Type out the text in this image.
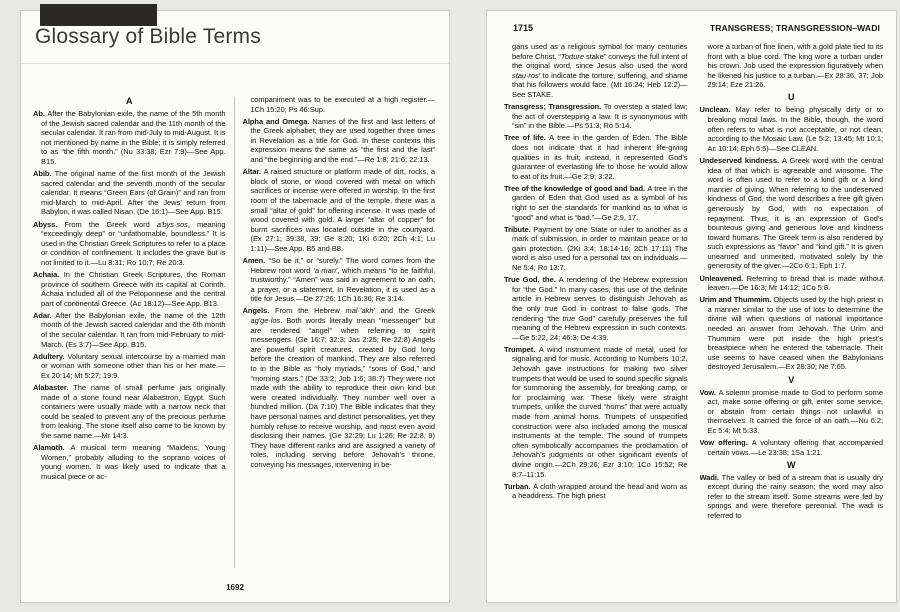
Glossary of Bible Terms
A

Ab. After the Babylonian exile, the name of the 5th month of the Jewish sacred calendar and the 11th month of the secular calendar. It ran from mid-July to mid-August. It is not mentioned by name in the Bible; it is simply referred to as “the fifth month.” (Nu 33:38; Ezr 7:9)—See App. B15.

Abib. The original name of the first month of the Jewish sacred calendar and the seventh month of the secular calendar. It means “Green Ears (of Grain)” and ran from mid-March to mid-April. After the Jews’ return from Babylon, it was called Nisan. (De 16:1)—See App. B15.

Abyss. From the Greek word a′bys·sos, meaning “exceedingly deep” or “unfathomable, boundless.” It is used in the Christian Greek Scriptures to refer to a place or condition of confinement. It includes the grave but is not limited to it.—Lu 8:31; Ro 10:7; Re 20:3.

Achaia. In the Christian Greek Scriptures, the Roman province of southern Greece with its capital at Corinth. Achaia included all of the Peloponnese and the central part of continental Greece. (Ac 18:12)—See App. B13.

Adar. After the Babylonian exile, the name of the 12th month of the Jewish sacred calendar and the 6th month of the secular calendar. It ran from mid-February to mid-March. (Es 3:7)—See App. B15.

Adultery. Voluntary sexual intercourse by a married man or woman with someone other than his or her mate.—Ex 20:14; Mt 5:27; 19:9.

Alabaster. The name of small perfume jars originally made of a stone found near Alabastron, Egypt. Such containers were usually made with a narrow neck that could be sealed to prevent any of the precious perfume from leaking. The stone itself also came to be known by the same name.—Mr 14:3.

Alamoth. A musical term meaning “Maidens; Young Women,” probably alluding to the soprano voices of young women. It was likely used to indicate that a musical piece or ac-

companiment was to be executed at a high register.—1Ch 15:20; Ps 46:Sup.

Alpha and Omega. Names of the first and last letters of the Greek alphabet; they are used together three times in Revelation as a title for God. In these contexts this expression means the same as “the first and the last” and “the beginning and the end.”—Re 1:8; 21:6; 22:13.

Altar. A raised structure or platform made of dirt, rocks, a block of stone, or wood covered with metal on which sacrifices or incense were offered in worship. In the first room of the tabernacle and of the temple, there was a small “altar of gold” for offering incense. It was made of wood covered with gold. A larger “altar of copper” for burnt sacrifices was located outside in the courtyard. (Ex 27:1; 39:38, 39; Ge 8:20; 1Ki 6:20; 2Ch 4:1; Lu 1:11)—See App. B5 and B8.

Amen. “So be it,” or “surely.” The word comes from the Hebrew root word ’a·man′, which means “to be faithful, trustworthy.” “Amen” was said in agreement to an oath, a prayer, or a statement. In Revelation, it is used as a title for Jesus.—De 27:26; 1Ch 16:36; Re 3:14.

Angels. From the Hebrew mal·’akh′ and the Greek ag′ge·los. Both words literally mean “messenger” but are rendered “angel” when referring to spirit messengers. (Ge 16:7; 32:3; Jas 2:25; Re 22:8) Angels are powerful spirit creatures, created by God long before the creation of mankind. They are also referred to in the Bible as “holy myriads,” “sons of God,” and “morning stars.” (De 33:2; Job 1:6; 38:7) They were not made with the ability to reproduce their own kind but were created individually. They number well over a hundred million. (Da 7:10) The Bible indicates that they have personal names and distinct personalities, yet they humbly refuse to receive worship, and most even avoid disclosing their names. (Ge 32:29; Lu 1:26; Re 22:8, 9) They have different ranks and are assigned a variety of roles, including serving before Jehovah’s throne, conveying his messages, intervening in be-

1692
1715	TRANSGRESS; TRANSGRESSION–WADI

gans used as a religious symbol for many centuries before Christ. “Torture stake” conveys the full intent of the original word, since Jesus also used the word stau·ros′ to indicate the torture, suffering, and shame that his followers would face. (Mt 16:24; Heb 12:2)—See STAKE.

Transgress; Transgression. To overstep a stated law; the act of overstepping a law. It is synonymous with “sin” in the Bible.—Ps 51:3; Ro 5:14.

Tree of life. A tree in the garden of Eden. The Bible does not indicate that it had inherent life-giving qualities in its fruit; instead, it represented God’s guarantee of everlasting life to those he would allow to eat of its fruit.—Ge 2:9; 3:22.

Tree of the knowledge of good and bad. A tree in the garden of Eden that God used as a symbol of his right to set the standards for mankind as to what is “good” and what is “bad.”—Ge 2:9, 17.

Tribute. Payment by one State or ruler to another as a mark of submission, in order to maintain peace or to gain protection. (2Ki 3:4; 18:14-16; 2Ch 17:11) The word is also used for a personal tax on individuals.—Ne 5:4; Ro 13:7.

True God, the. A rendering of the Hebrew expression for “the God.” In many cases, this use of the definite article in Hebrew serves to distinguish Jehovah as the only true God in contrast to false gods. The rendering “the true God” carefully preserves the full meaning of the Hebrew expression in such contexts.—Ge 5:22, 24; 46:3; De 4:39.

Trumpet. A wind instrument made of metal, used for signaling and for music. According to Numbers 10:2, Jehovah gave instructions for making two silver trumpets that would be used to sound specific signals for summoning the assembly, for breaking camp, or for proclaiming war. These likely were straight trumpets, unlike the curved “horns” that were actually made from animal horns. Trumpets of unspecified construction were also included among the musical instruments at the temple. The sound of trumpets often symbolically accompanies the proclamation of Jehovah’s judgments or other significant events of divine origin.—2Ch 29:26; Ezr 3:10; 1Co 15:52; Re 8:7–11:15.

Turban. A cloth wrapped around the head and worn as a headdress. The high priest

wore a turban of fine linen, with a gold plate tied to its front with a blue cord. The king wore a turban under his crown. Job used the expression figuratively when he likened his justice to a turban.—Ex 28:36, 37; Job 29:14; Eze 21:26.

U

Unclean. May refer to being physically dirty or to breaking moral laws. In the Bible, though, the word often refers to what is not acceptable, or not clean, according to the Mosaic Law. (Le 5:2; 13:45; Mt 10:1; Ac 10:14; Eph 5:5)—See CLEAN.

Undeserved kindness. A Greek word with the central idea of that which is agreeable and winsome. The word is often used to refer to a kind gift or a kind manner of giving. When referring to the undeserved kindness of God, the word describes a free gift given generously by God, with no expectation of repayment. Thus, it is an expression of God’s bounteous giving and generous love and kindness toward humans. The Greek term is also rendered by such expressions as “favor” and “kind gift.” It is given unearned and unmerited, motivated solely by the generosity of the giver.—2Co 6:1; Eph 1:7.

Unleavened. Referring to bread that is made without leaven.—De 16:3; Mr 14:12; 1Co 5:8.

Urim and Thummim. Objects used by the high priest in a manner similar to the use of lots to determine the divine will when questions of national importance needed an answer from Jehovah. The Urim and Thummim were put inside the high priest’s breastpiece when he entered the tabernacle. Their use seems to have ceased when the Babylonians destroyed Jerusalem.—Ex 28:30; Ne 7:65.

V

Vow. A solemn promise made to God to perform some act, make some offering or gift, enter some service, or abstain from certain things not unlawful in themselves. It carried the force of an oath.—Nu 6:2; Ec 5:4; Mt 5:33.

Vow offering. A voluntary offering that accompanied certain vows.—Le 23:38; 1Sa 1:21.

W

Wadi. The valley or bed of a stream that is usually dry except during the rainy season; the word may also refer to the stream itself. Some streams were fed by springs and were therefore perennial. The wadi is referred to
